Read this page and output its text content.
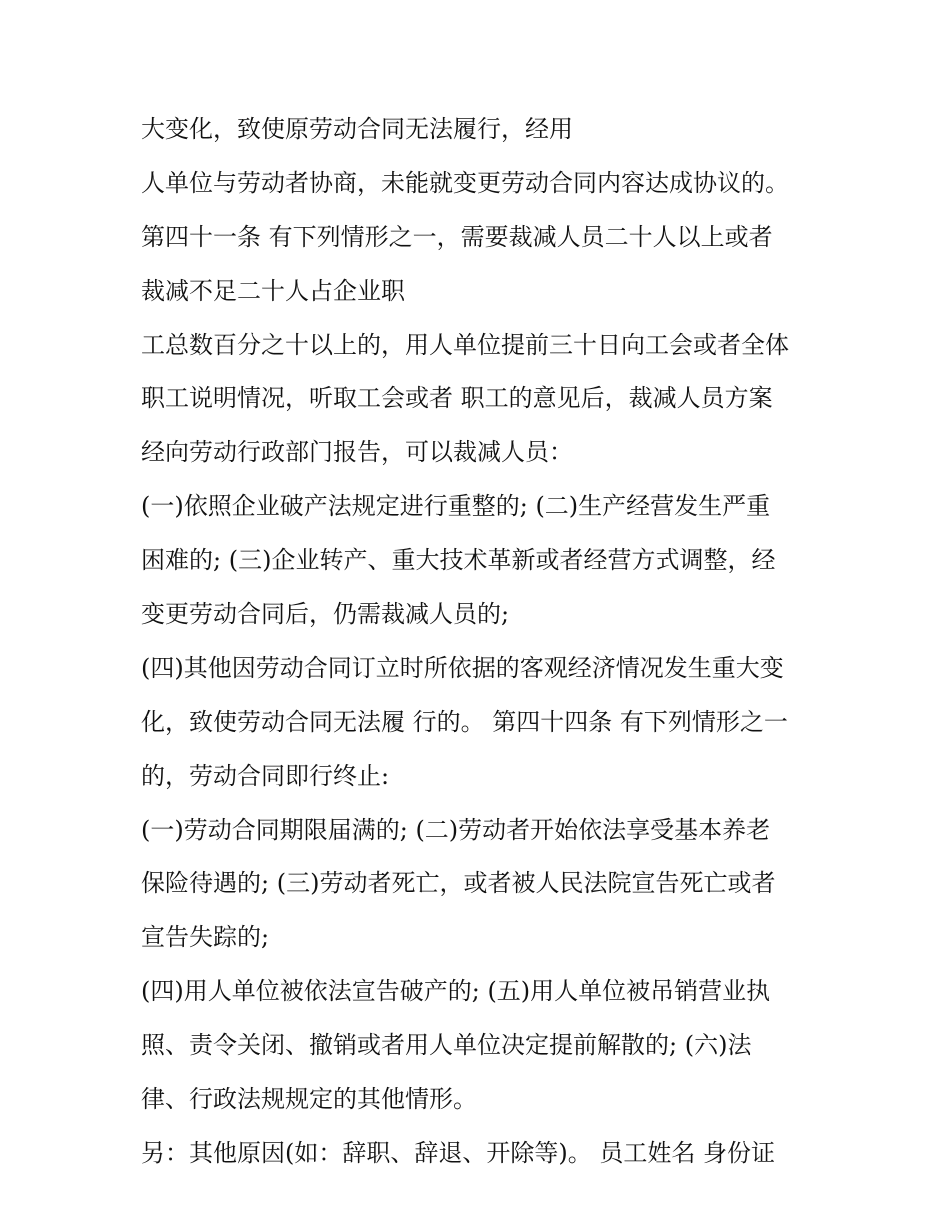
大变化，致使原劳动合同无法履行，经用
人单位与劳动者协商，未能就变更劳动合同内容达成协议的。
第四十一条 有下列情形之一，需要裁减人员二十人以上或者
裁减不足二十人占企业职
工总数百分之十以上的，用人单位提前三十日向工会或者全体
职工说明情况，听取工会或者 职工的意见后，裁减人员方案
经向劳动行政部门报告，可以裁减人员：
(一)依照企业破产法规定进行重整的; (二)生产经营发生严重
困难的; (三)企业转产、重大技术革新或者经营方式调整，经
变更劳动合同后，仍需裁减人员的;
(四)其他因劳动合同订立时所依据的客观经济情况发生重大变
化，致使劳动合同无法履 行的。 第四十四条 有下列情形之一
的，劳动合同即行终止:
(一)劳动合同期限届满的; (二)劳动者开始依法享受基本养老
保险待遇的; (三)劳动者死亡，或者被人民法院宣告死亡或者
宣告失踪的;
(四)用人单位被依法宣告破产的; (五)用人单位被吊销营业执
照、责令关闭、撤销或者用人单位决定提前解散的; (六)法
律、行政法规规定的其他情形。
另：其他原因(如：辞职、辞退、开除等)。 员工姓名 身份证
